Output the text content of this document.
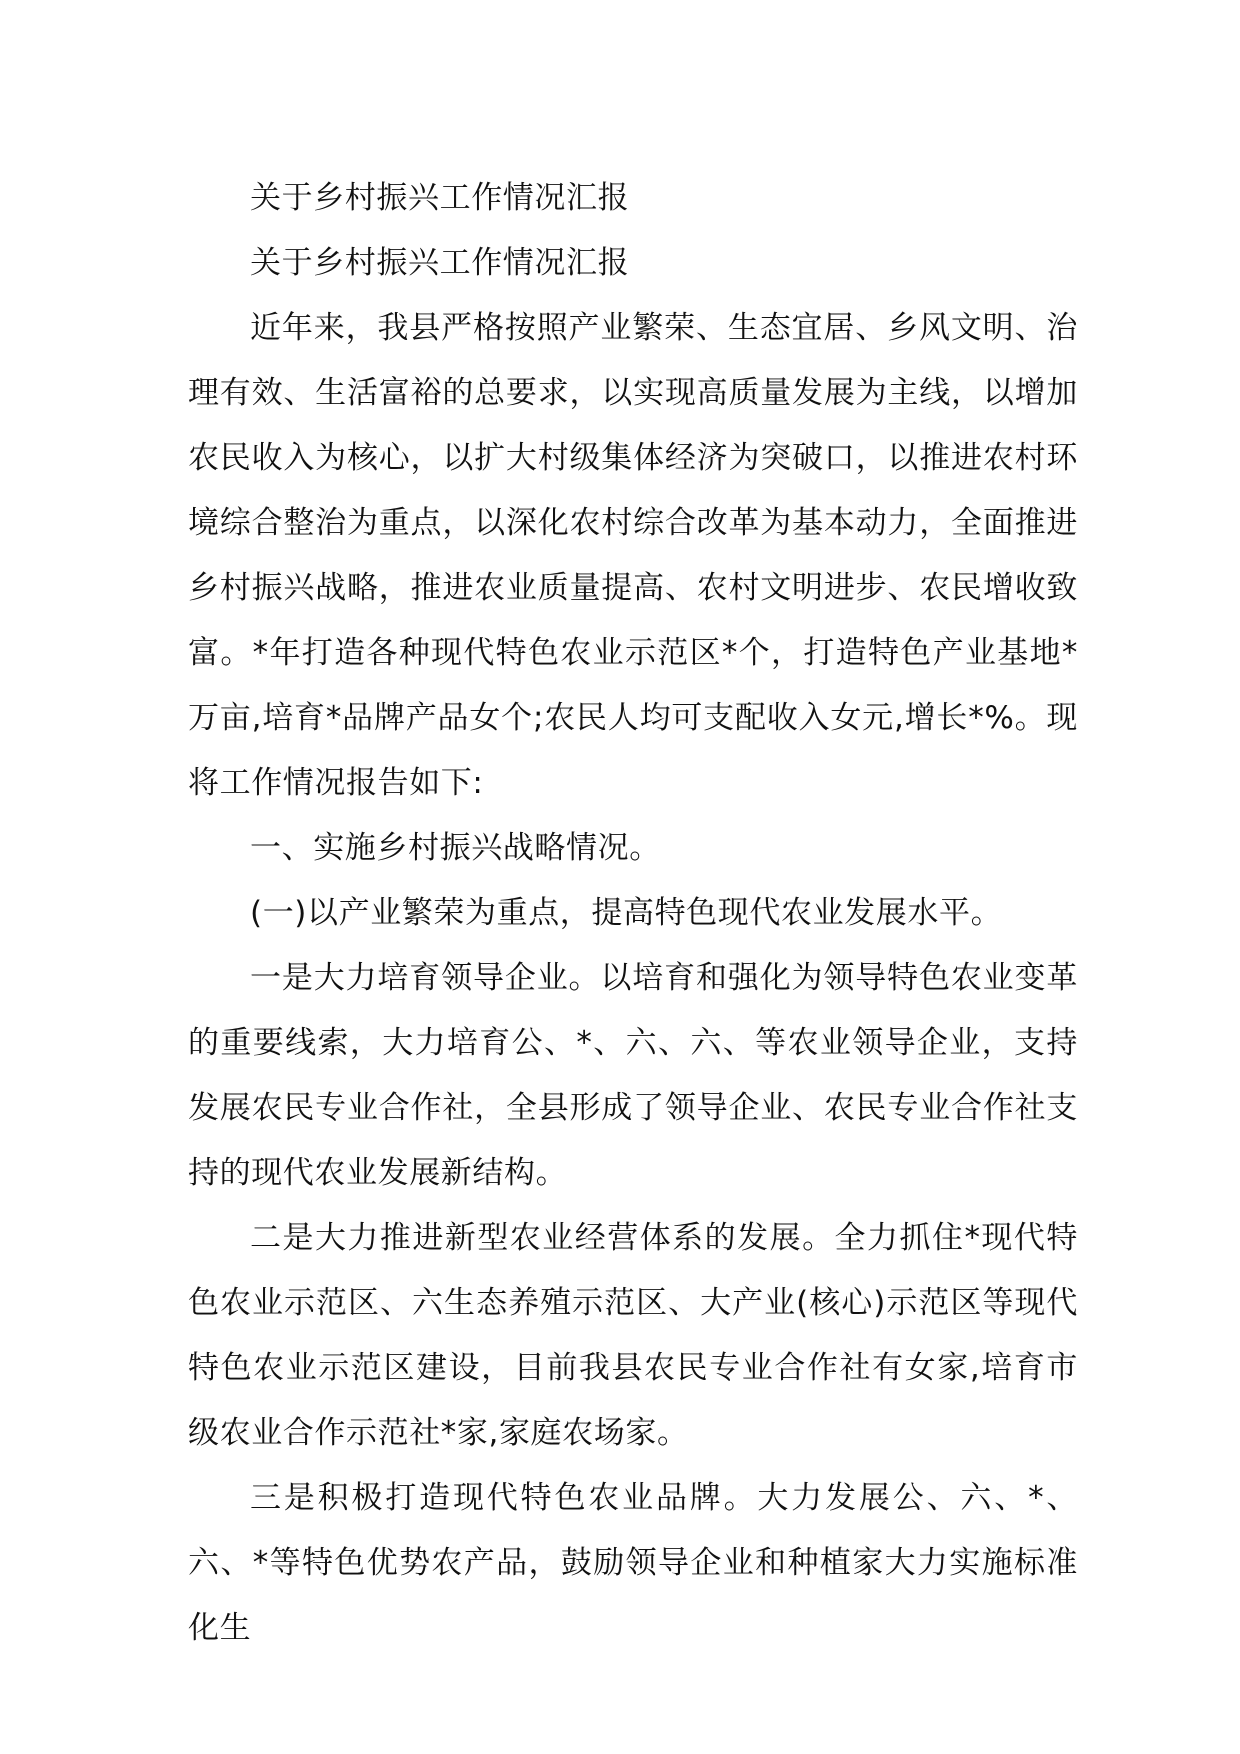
关于乡村振兴工作情况汇报

关于乡村振兴工作情况汇报

近年来，我县严格按照产业繁荣、生态宜居、乡风文明、治理有效、生活富裕的总要求，以实现高质量发展为主线，以增加农民收入为核心，以扩大村级集体经济为突破口，以推进农村环境综合整治为重点，以深化农村综合改革为基本动力，全面推进乡村振兴战略，推进农业质量提高、农村文明进步、农民增收致富。*年打造各种现代特色农业示范区*个，打造特色产业基地*万亩,培育*品牌产品女个;农民人均可支配收入女元,增长*%。现将工作情况报告如下:

一、实施乡村振兴战略情况。

(一)以产业繁荣为重点，提高特色现代农业发展水平。

一是大力培育领导企业。以培育和强化为领导特色农业变革的重要线索，大力培育公、*、六、六、等农业领导企业，支持发展农民专业合作社，全县形成了领导企业、农民专业合作社支持的现代农业发展新结构。

二是大力推进新型农业经营体系的发展。全力抓住*现代特色农业示范区、六生态养殖示范区、大产业(核心)示范区等现代特色农业示范区建设，目前我县农民专业合作社有女家,培育市级农业合作示范社*家,家庭农场家。

三是积极打造现代特色农业品牌。大力发展公、六、*、六、*等特色优势农产品，鼓励领导企业和种植家大力实施标准化生
